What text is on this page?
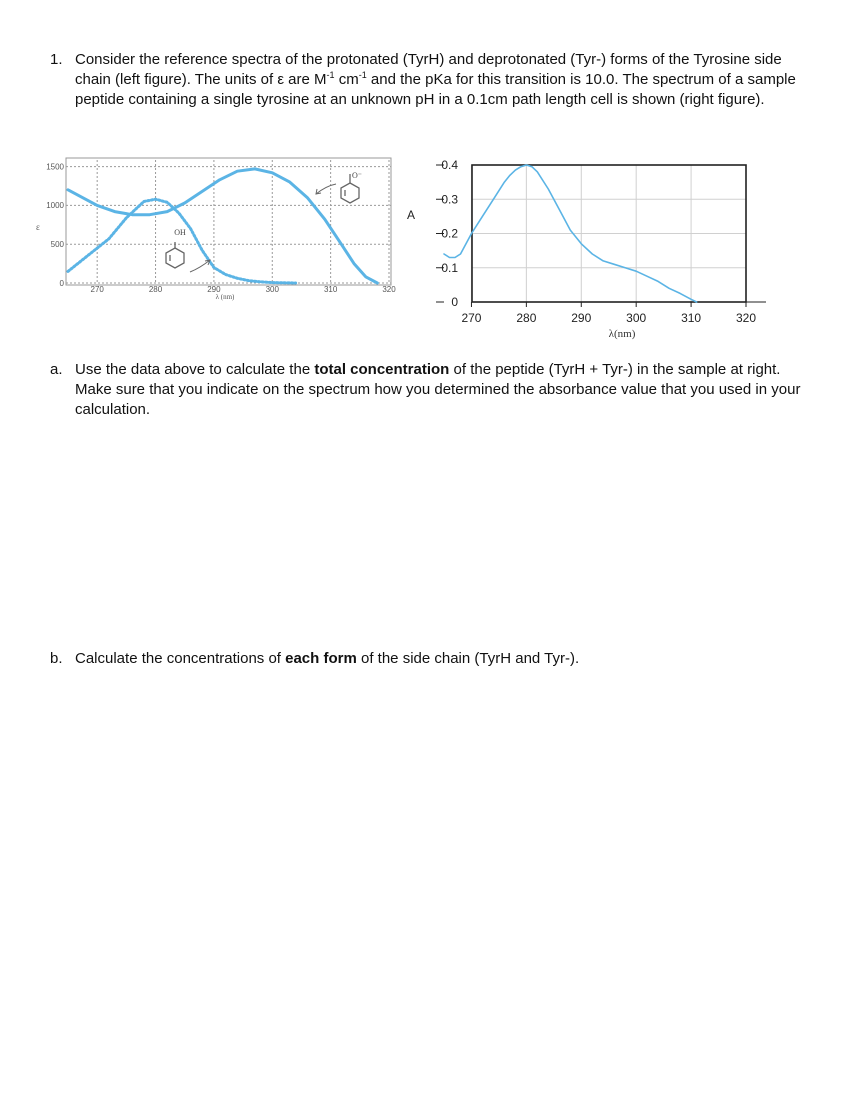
1. Consider the reference spectra of the protonated (TyrH) and deprotonated (Tyr-) forms of the Tyrosine side chain (left figure). The units of ε are $M^{-1}$ $cm^{-1}$ and the pKa for this transition is 10.0. The spectrum of a sample peptide containing a single tyrosine at an unknown pH in a 0.1cm path length cell is shown (right figure).
ε
1500
1000
500
0
270	280	290	300	310	320
λ (nm)
OH
O⁻
A
0.4
0.3
0.2
0.1
0
270	280	290	300	310	320
λ(nm)
a. Use the data above to calculate the total concentration of the peptide (TyrH + Tyr-) in the sample at right. Make sure that you indicate on the spectrum how you determined the absorbance value that you used in your calculation.
b. Calculate the concentrations of each form of the side chain (TyrH and Tyr-).
